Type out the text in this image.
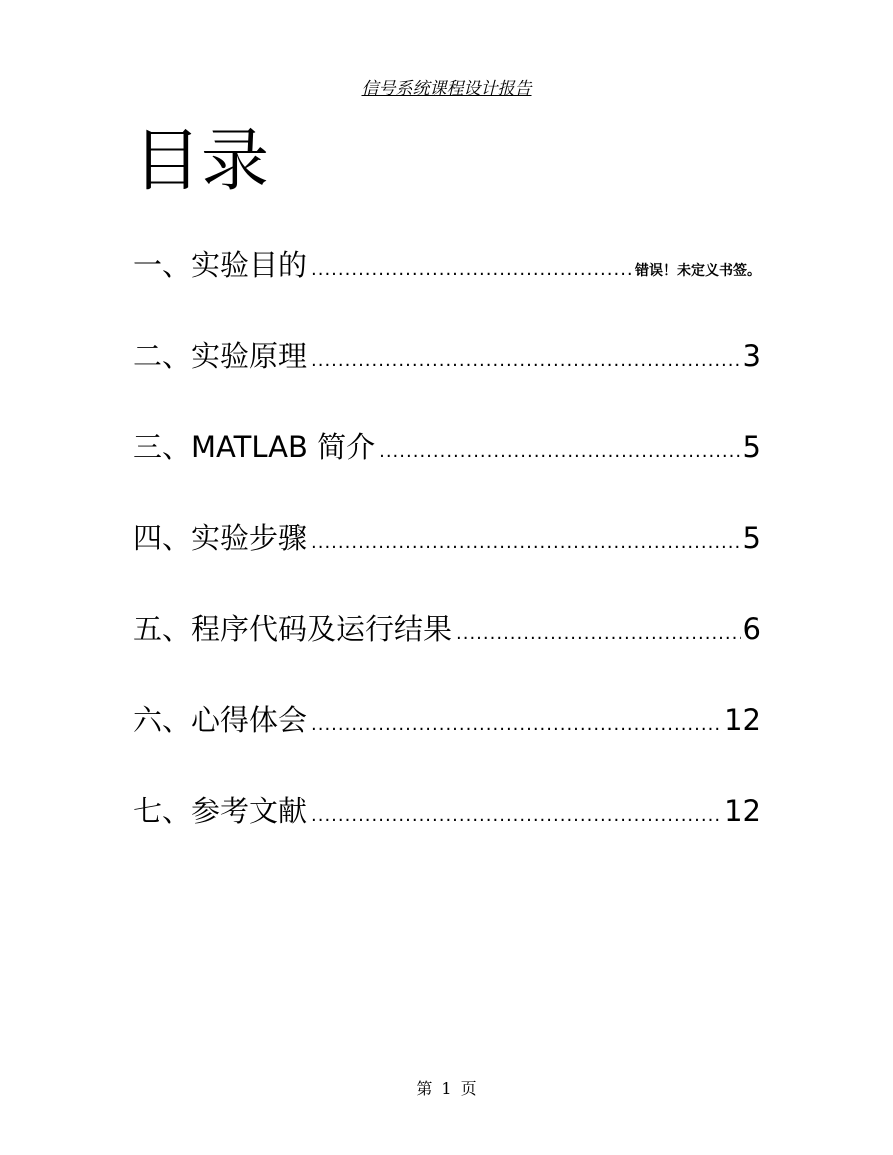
信号系统课程设计报告
目录
一、实验目的 .....	错误！未定义书签。
二、实验原理 .....	3
三、MATLAB 简介 .....	5
四、实验步骤 .....	5
五、程序代码及运行结果 .....	6
六、心得体会 .....	12
七、参考文献 .....	12
第 1 页
